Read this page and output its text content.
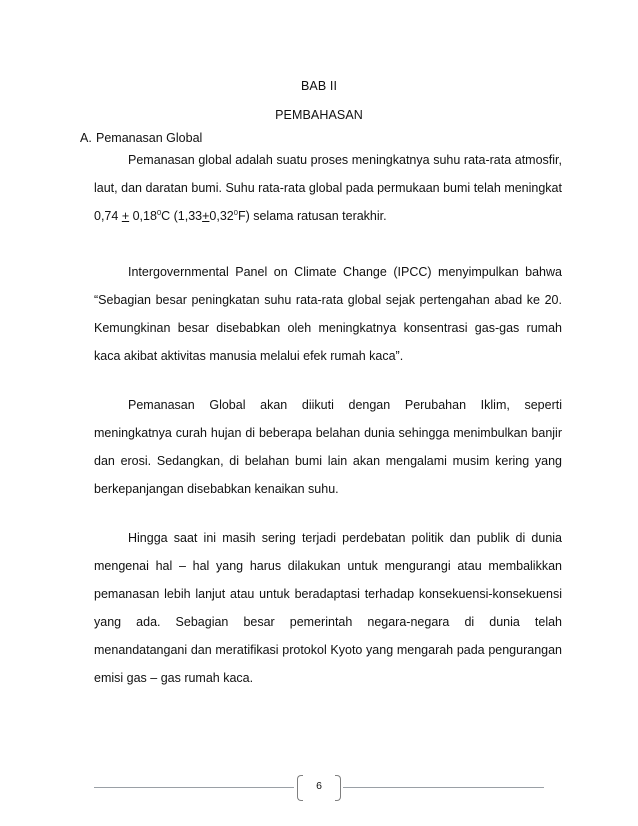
BAB II
PEMBAHASAN
A. Pemanasan Global

Pemanasan global adalah suatu proses meningkatnya suhu rata-rata atmosfir, laut, dan daratan bumi. Suhu rata-rata global pada permukaan bumi telah meningkat $0,74 + 0,18^0C$ $(1,33+0,32^0F)$ selama ratusan terakhir.

Intergovernmental Panel on Climate Change (IPCC) menyimpulkan bahwa “Sebagian besar peningkatan suhu rata-rata global sejak pertengahan abad ke 20. Kemungkinan besar disebabkan oleh meningkatnya konsentrasi gas-gas rumah kaca akibat aktivitas manusia melalui efek rumah kaca”.

Pemanasan Global akan diikuti dengan Perubahan Iklim, seperti meningkatnya curah hujan di beberapa belahan dunia sehingga menimbulkan banjir dan erosi. Sedangkan, di belahan bumi lain akan mengalami musim kering yang berkepanjangan disebabkan kenaikan suhu.

Hingga saat ini masih sering terjadi perdebatan politik dan publik di dunia mengenai hal – hal yang harus dilakukan untuk mengurangi atau membalikkan pemanasan lebih lanjut atau untuk beradaptasi terhadap konsekuensi-konsekuensi yang ada. Sebagian besar pemerintah negara-negara di dunia telah menandatangani dan meratifikasi protokol Kyoto yang mengarah pada pengurangan emisi gas – gas rumah kaca.

6
